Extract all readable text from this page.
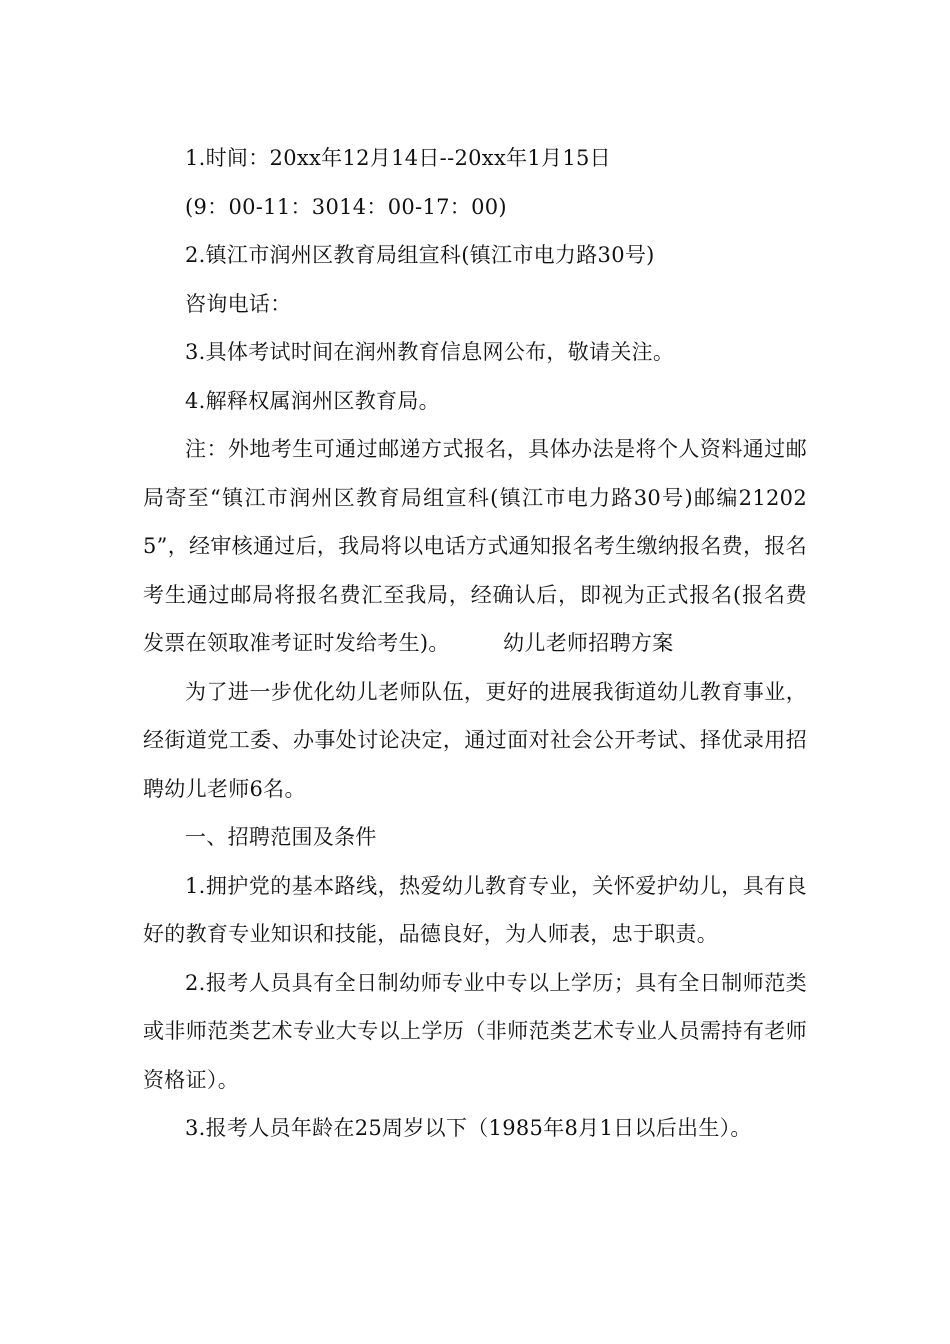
1.时间：20xx年12月14日--20xx年1月15日

(9：00-11：3014：00-17：00)

2.镇江市润州区教育局组宣科(镇江市电力路30号)

咨询电话：

3.具体考试时间在润州教育信息网公布，敬请关注。

4.解释权属润州区教育局。

注：外地考生可通过邮递方式报名，具体办法是将个人资料通过邮局寄至“镇江市润州区教育局组宣科(镇江市电力路30号)邮编212025”，经审核通过后，我局将以电话方式通知报名考生缴纳报名费，报名考生通过邮局将报名费汇至我局，经确认后，即视为正式报名(报名费发票在领取准考证时发给考生)。　　　幼儿老师招聘方案

为了进一步优化幼儿老师队伍，更好的进展我街道幼儿教育事业，经街道党工委、办事处讨论决定，通过面对社会公开考试、择优录用招聘幼儿老师6名。

一、招聘范围及条件

1.拥护党的基本路线，热爱幼儿教育专业，关怀爱护幼儿，具有良好的教育专业知识和技能，品德良好，为人师表，忠于职责。

2.报考人员具有全日制幼师专业中专以上学历；具有全日制师范类或非师范类艺术专业大专以上学历（非师范类艺术专业人员需持有老师资格证）。

3.报考人员年龄在25周岁以下（1985年8月1日以后出生）。
